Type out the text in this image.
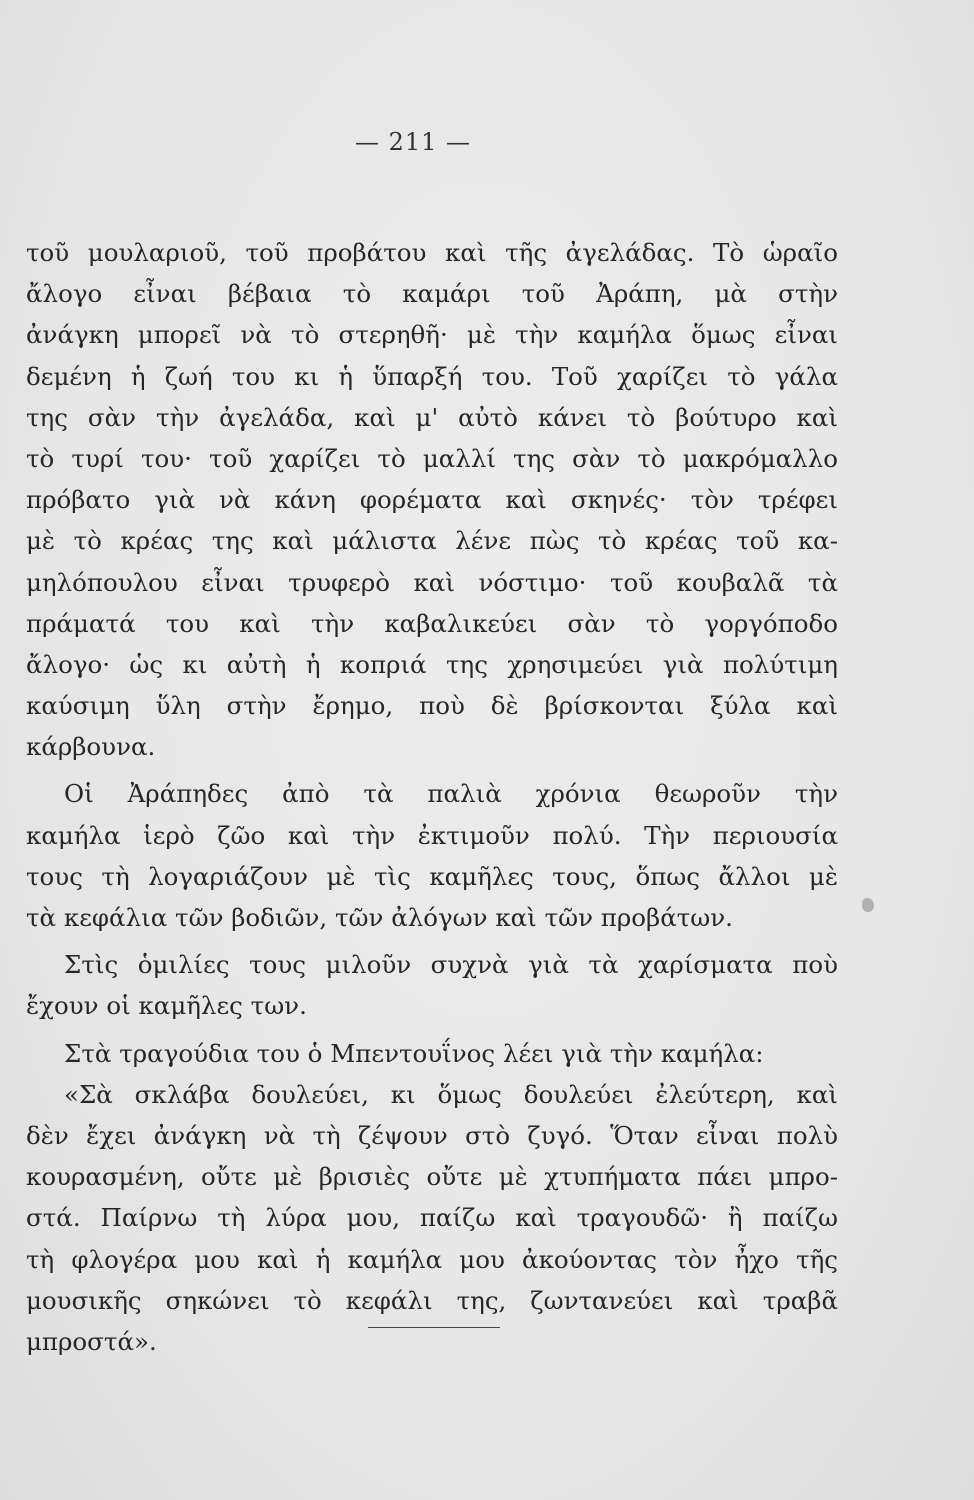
— 211 —
τοῦ μουλαριοῦ, τοῦ προβάτου καὶ τῆς ἀγελάδας. Τὸ ὡραῖο
ἄλογο εἶναι βέβαια τὸ καμάρι τοῦ Ἀράπη, μὰ στὴν
ἀνάγκη μπορεῖ νὰ τὸ στερηθῆ· μὲ τὴν καμήλα ὅμως εἶναι
δεμένη ἡ ζωή του κι ἡ ὕπαρξή του. Τοῦ χαρίζει τὸ γάλα
της σὰν τὴν ἀγελάδα, καὶ μ' αὐτὸ κάνει τὸ βούτυρο καὶ
τὸ τυρί του· τοῦ χαρίζει τὸ μαλλί της σὰν τὸ μακρόμαλλο
πρόβατο γιὰ νὰ κάνη φορέματα καὶ σκηνές· τὸν τρέφει
μὲ τὸ κρέας της καὶ μάλιστα λένε πὼς τὸ κρέας τοῦ κα-
μηλόπουλου εἶναι τρυφερὸ καὶ νόστιμο· τοῦ κουβαλᾶ τὰ
πράματά του καὶ τὴν καβαλικεύει σὰν τὸ γοργόποδο
ἄλογο· ὡς κι αὐτὴ ἡ κοπριά της χρησιμεύει γιὰ πολύτιμη
καύσιμη ὕλη στὴν ἔρημο, ποὺ δὲ βρίσκονται ξύλα καὶ
κάρβουνα.
Οἱ Ἀράπηδες ἀπὸ τὰ παλιὰ χρόνια θεωροῦν τὴν
καμήλα ἱερὸ ζῶο καὶ τὴν ἐκτιμοῦν πολύ. Τὴν περιουσία
τους τὴ λογαριάζουν μὲ τὶς καμῆλες τους, ὅπως ἄλλοι μὲ
τὰ κεφάλια τῶν βοδιῶν, τῶν ἀλόγων καὶ τῶν προβάτων.
Στὶς ὁμιλίες τους μιλοῦν συχνὰ γιὰ τὰ χαρίσματα ποὺ
ἔχουν οἱ καμῆλες των.
Στὰ τραγούδια του ὁ Μπεντουΐνος λέει γιὰ τὴν καμήλα:
«Σὰ σκλάβα δουλεύει, κι ὅμως δουλεύει ἐλεύτερη, καὶ
δὲν ἔχει ἀνάγκη νὰ τὴ ζέψουν στὸ ζυγό. Ὅταν εἶναι πολὺ
κουρασμένη, οὔτε μὲ βρισιὲς οὔτε μὲ χτυπήματα πάει μπρο-
στά. Παίρνω τὴ λύρα μου, παίζω καὶ τραγουδῶ· ἢ παίζω
τὴ φλογέρα μου καὶ ἡ καμήλα μου ἀκούοντας τὸν ἦχο τῆς
μουσικῆς σηκώνει τὸ κεφάλι της, ζωντανεύει καὶ τραβᾶ
μπροστά».
